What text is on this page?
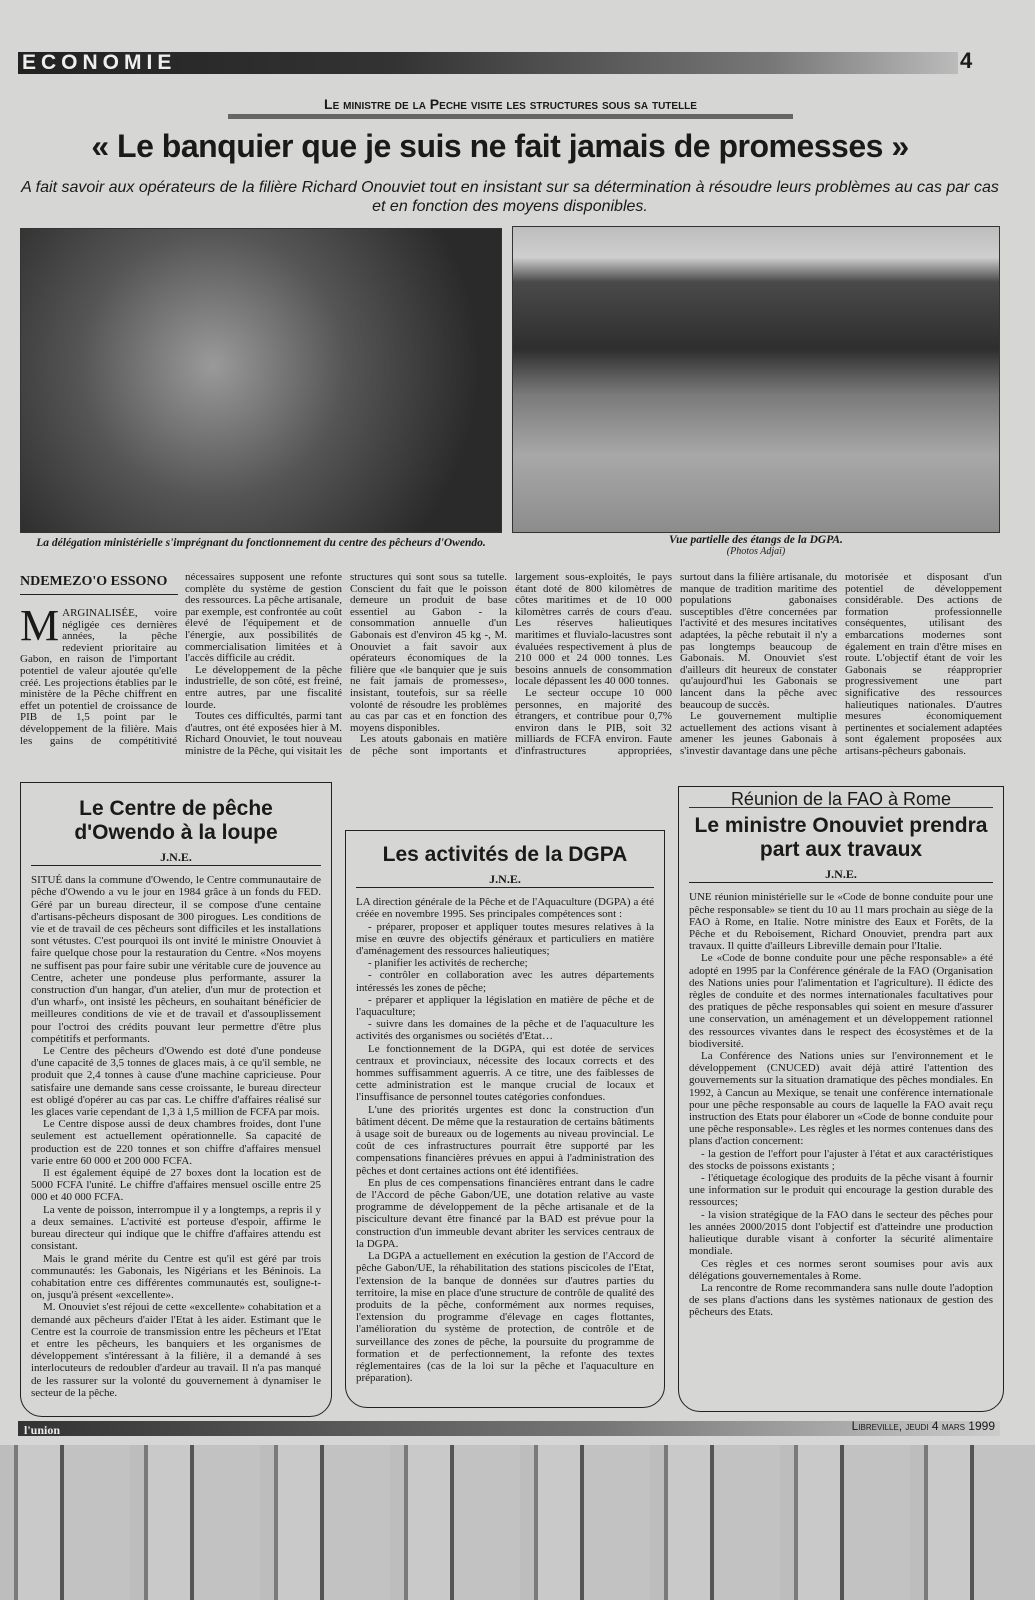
ECONOMIE	4
Le ministre de la Peche visite les structures sous sa tutelle
« Le banquier que je suis ne fait jamais de promesses »
A fait savoir aux opérateurs de la filière Richard Onouviet tout en insistant sur sa détermination à résoudre leurs problèmes au cas par cas et en fonction des moyens disponibles.
La délégation ministérielle s'imprégnant du fonctionnement du centre des pêcheurs d'Owendo.	Vue partielle des étangs de la DGPA.
(Photos Adjaï)
NDEMEZO'O ESSONO

MARGINALISÉE, voire négligée ces dernières années, la pêche redevient prioritaire au Gabon, en raison de l'important potentiel de valeur ajoutée qu'elle créé. Les projections établies par le ministère de la Pêche chiffrent en effet un potentiel de croissance de PIB de 1,5 point par le développement de la filière. Mais les gains de compétitivité nécessaires supposent une refonte complète du système de gestion des ressources. La pêche artisanale, par exemple, est confrontée au coût élevé de l'équipement et de l'énergie, aux possibilités de commercialisation limitées et à l'accès difficile au crédit.

Le développement de la pêche industrielle, de son côté, est freiné, entre autres, par une fiscalité lourde.

Toutes ces difficultés, parmi tant d'autres, ont été exposées hier à M. Richard Onouviet, le tout nouveau ministre de la Pêche, qui visitait les structures qui sont sous sa tutelle. Conscient du fait que le poisson demeure un produit de base essentiel au Gabon - la consommation annuelle d'un Gabonais est d'environ 45 kg -, M. Onouviet a fait savoir aux opérateurs économiques de la filière que «le banquier que je suis ne fait jamais de promesses», insistant, toutefois, sur sa réelle volonté de résoudre les problèmes au cas par cas et en fonction des moyens disponibles.

Les atouts gabonais en matière de pêche sont importants et largement sous-exploités, le pays étant doté de 800 kilomètres de côtes maritimes et de 10 000 kilomètres carrés de cours d'eau. Les réserves halieutiques maritimes et fluvialo-lacustres sont évaluées respectivement à plus de 210 000 et 24 000 tonnes. Les besoins annuels de consommation locale dépassent les 40 000 tonnes.

Le secteur occupe 10 000 personnes, en majorité des étrangers, et contribue pour 0,7% environ dans le PIB, soit 32 milliards de FCFA environ. Faute d'infrastructures appropriées, surtout dans la filière artisanale, du manque de tradition maritime des populations gabonaises susceptibles d'être concernées par l'activité et des mesures incitatives adaptées, la pêche rebutait il n'y a pas longtemps beaucoup de Gabonais. M. Onouviet s'est d'ailleurs dit heureux de constater qu'aujourd'hui les Gabonais se lancent dans la pêche avec beaucoup de succès.

Le gouvernement multiplie actuellement des actions visant à amener les jeunes Gabonais à s'investir davantage dans une pêche motorisée et disposant d'un potentiel de développement considérable. Des actions de formation professionnelle conséquentes, utilisant des embarcations modernes sont également en train d'être mises en route. L'objectif étant de voir les Gabonais se réapproprier progressivement une part significative des ressources halieutiques nationales. D'autres mesures économiquement pertinentes et socialement adaptées sont également proposées aux artisans-pêcheurs gabonais.

Le Centre de pêche d'Owendo à la loupe
J.N.E.

SITUÉ dans la commune d'Owendo, le Centre communautaire de pêche d'Owendo a vu le jour en 1984 grâce à un fonds du FED. Géré par un bureau directeur, il se compose d'une centaine d'artisans-pêcheurs disposant de 300 pirogues. Les conditions de vie et de travail de ces pêcheurs sont difficiles et les installations sont vétustes. C'est pourquoi ils ont invité le ministre Onouviet à faire quelque chose pour la restauration du Centre. «Nos moyens ne suffisent pas pour faire subir une véritable cure de jouvence au Centre, acheter une pondeuse plus performante, assurer la construction d'un hangar, d'un atelier, d'un mur de protection et d'un wharf», ont insisté les pêcheurs, en souhaitant bénéficier de meilleures conditions de vie et de travail et d'assouplissement pour l'octroi des crédits pouvant leur permettre d'être plus compétitifs et performants.

Le Centre des pêcheurs d'Owendo est doté d'une pondeuse d'une capacité de 3,5 tonnes de glaces mais, à ce qu'il semble, ne produit que 2,4 tonnes à cause d'une machine capricieuse. Pour satisfaire une demande sans cesse croissante, le bureau directeur est obligé d'opérer au cas par cas. Le chiffre d'affaires réalisé sur les glaces varie cependant de 1,3 à 1,5 million de FCFA par mois.

Le Centre dispose aussi de deux chambres froides, dont l'une seulement est actuellement opérationnelle. Sa capacité de production est de 220 tonnes et son chiffre d'affaires mensuel varie entre 60 000 et 200 000 FCFA.

Il est également équipé de 27 boxes dont la location est de 5000 FCFA l'unité. Le chiffre d'affaires mensuel oscille entre 25 000 et 40 000 FCFA.

La vente de poisson, interrompue il y a longtemps, a repris il y a deux semaines. L'activité est porteuse d'espoir, affirme le bureau directeur qui indique que le chiffre d'affaires attendu est consistant.

Mais le grand mérite du Centre est qu'il est géré par trois communautés: les Gabonais, les Nigérians et les Béninois. La cohabitation entre ces différentes communautés est, souligne-t-on, jusqu'à présent «excellente».

M. Onouviet s'est réjoui de cette «excellente» cohabitation et a demandé aux pêcheurs d'aider l'Etat à les aider. Estimant que le Centre est la courroie de transmission entre les pêcheurs et l'Etat et entre les pêcheurs, les banquiers et les organismes de développement s'intéressant à la filière, il a demandé à ses interlocuteurs de redoubler d'ardeur au travail. Il n'a pas manqué de les rassurer sur la volonté du gouvernement à dynamiser le secteur de la pêche.

Les activités de la DGPA
J.N.E.

LA direction générale de la Pêche et de l'Aquaculture (DGPA) a été créée en novembre 1995. Ses principales compétences sont :

- préparer, proposer et appliquer toutes mesures relatives à la mise en œuvre des objectifs généraux et particuliers en matière d'aménagement des ressources halieutiques;

- planifier les activités de recherche;

- contrôler en collaboration avec les autres départements intéressés les zones de pêche;

- préparer et appliquer la législation en matière de pêche et de l'aquaculture;

- suivre dans les domaines de la pêche et de l'aquaculture les activités des organismes ou sociétés d'Etat…

Le fonctionnement de la DGPA, qui est dotée de services centraux et provinciaux, nécessite des locaux corrects et des hommes suffisamment aguerris. A ce titre, une des faiblesses de cette administration est le manque crucial de locaux et l'insuffisance de personnel toutes catégories confondues.

L'une des priorités urgentes est donc la construction d'un bâtiment décent. De même que la restauration de certains bâtiments à usage soit de bureaux ou de logements au niveau provincial. Le coût de ces infrastructures pourrait être supporté par les compensations financières prévues en appui à l'administration des pêches et dont certaines actions ont été identifiées.

En plus de ces compensations financières entrant dans le cadre de l'Accord de pêche Gabon/UE, une dotation relative au vaste programme de développement de la pêche artisanale et de la pisciculture devant être financé par la BAD est prévue pour la construction d'un immeuble devant abriter les services centraux de la DGPA.

La DGPA a actuellement en exécution la gestion de l'Accord de pêche Gabon/UE, la réhabilitation des stations piscicoles de l'Etat, l'extension de la banque de données sur d'autres parties du territoire, la mise en place d'une structure de contrôle de qualité des produits de la pêche, conformément aux normes requises, l'extension du programme d'élevage en cages flottantes, l'amélioration du système de protection, de contrôle et de surveillance des zones de pêche, la poursuite du programme de formation et de perfectionnement, la refonte des textes réglementaires (cas de la loi sur la pêche et l'aquaculture en préparation).

Réunion de la FAO à Rome
Le ministre Onouviet prendra part aux travaux
J.N.E.

UNE réunion ministérielle sur le «Code de bonne conduite pour une pêche responsable» se tient du 10 au 11 mars prochain au siège de la FAO à Rome, en Italie. Notre ministre des Eaux et Forêts, de la Pêche et du Reboisement, Richard Onouviet, prendra part aux travaux. Il quitte d'ailleurs Libreville demain pour l'Italie.

Le «Code de bonne conduite pour une pêche responsable» a été adopté en 1995 par la Conférence générale de la FAO (Organisation des Nations unies pour l'alimentation et l'agriculture). Il édicte des règles de conduite et des normes internationales facultatives pour des pratiques de pêche responsables qui soient en mesure d'assurer une conservation, un aménagement et un développement rationnel des ressources vivantes dans le respect des écosystèmes et de la biodiversité.

La Conférence des Nations unies sur l'environnement et le développement (CNUCED) avait déjà attiré l'attention des gouvernements sur la situation dramatique des pêches mondiales. En 1992, à Cancun au Mexique, se tenait une conférence internationale pour une pêche responsable au cours de laquelle la FAO avait reçu instruction des Etats pour élaborer un «Code de bonne conduite pour une pêche responsable». Les règles et les normes contenues dans des plans d'action concernent:

- la gestion de l'effort pour l'ajuster à l'état et aux caractéristiques des stocks de poissons existants ;

- l'étiquetage écologique des produits de la pêche visant à fournir une information sur le produit qui encourage la gestion durable des ressources;

- la vision stratégique de la FAO dans le secteur des pêches pour les années 2000/2015 dont l'objectif est d'atteindre une production halieutique durable visant à conforter la sécurité alimentaire mondiale.

Ces règles et ces normes seront soumises pour avis aux délégations gouvernementales à Rome.

La rencontre de Rome recommandera sans nulle doute l'adoption de ses plans d'actions dans les systèmes nationaux de gestion des pêcheurs des Etats.

l'union	Libreville, jeudi 4 mars 1999
